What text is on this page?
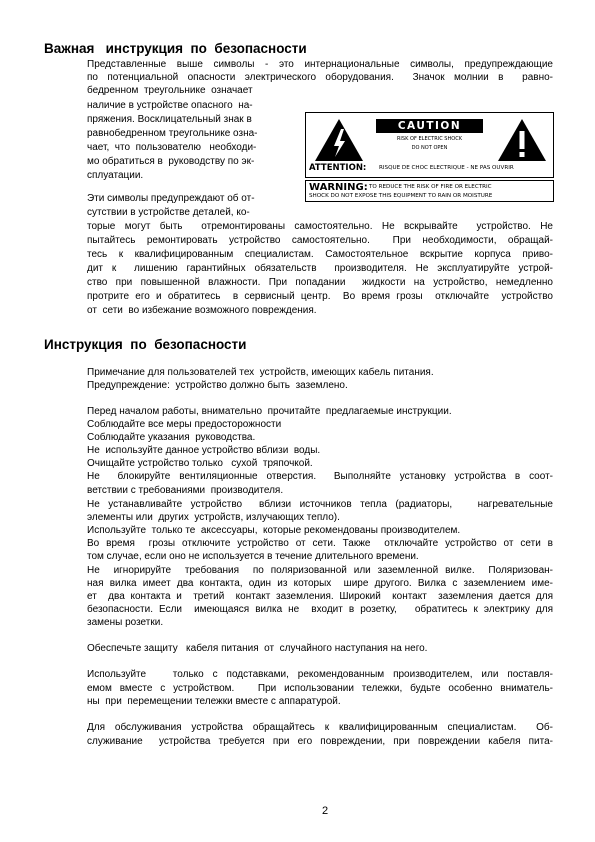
Важная   инструкция  по  безопасности
Представленные выше символы - это интернациональные символы, предупреждающие
по потенциальной опасности электрического оборудования.  Значок молнии в  равно-
бедренном  треугольнике  означает
наличие в устройстве опасного  на-
пряжения. Восклицательный знак в
равнобедренном треугольнике озна-
чает,  что  пользователю   необходи-
мо обратиться в  руководству по эк-
сплуатации.
Эти символы предупреждают об от-
сутствии в устройстве деталей, ко-
торые могут быть  отремонтированы самостоятельно. Не вскрывайте  устройство. Не
пытайтесь ремонтировать устройство самостоятельно.  При необходимости, обращай-
тесь к квалифицированным специалистам. Самостоятельное вскрытие корпуса приво-
дит к  лишению гарантийных обязательств  производителя. Не эксплуатируйте устрой-
ство при повышенной влажности. При попадании  жидкости на устройство, немедленно
протрите его и обратитесь  в сервисный центр.  Во время грозы  отключайте  устройство
от  сети  во избежание возможного повреждения.
CAUTION
RISK OF ELECTRIC SHOCK
DO NOT OPEN
ATTENTION: RISQUE DE CHOC ELECTRIQUE - NE PAS OUVRIR
WARNING: TO REDUCE THE RISK OF FIRE OR ELECTRIC
SHOCK DO NOT EXPOSE THIS EQUIPMENT TO RAIN OR MOISTURE
Инструкция  по  безопасности
Примечание для пользователей тех  устройств, имеющих кабель питания.
Предупреждение:  устройство должно быть  заземлено.
Перед началом работы, внимательно  прочитайте  предлагаемые инструкции.
Соблюдайте все меры предосторожности
Соблюдайте указания  руководства.
Не  используйте данное устройство вблизи  воды.
Очищайте устройство только   сухой  тряпочкой.
Не  блокируйте вентиляционные отверстия.  Выполняйте установку устройства в соот-
ветствии с требованиями  производителя.
Не устанавливайте устройство  вблизи источников тепла (радиаторы,   нагревательные
элементы или  других  устройств, излучающих тепло).
Используйте  только те  аксессуары,  которые рекомендованы производителем.
Во время  грозы отключите устройство от сети. Также  отключайте устройство от сети в
том случае, если оно не используется в течение длительного времени.
Не  игнорируйте  требования  по поляризованной или заземленной вилке.  Поляризован-
ная вилка имеет два контакта, один из которых  шире другого. Вилка с заземлением име-
ет  два контакта и  третий  контакт заземления. Широкий  контакт  заземления дается для
безопасности. Если  имеющаяся вилка не  входит в розетку,   обратитесь к электрику для
замены розетки.
Обеспечьте защиту   кабеля питания  от  случайного наступания на него.
Используйте   только с подставками, рекомендованным производителем, или поставля-
емом вместе с устройством.   При использовании тележки, будьте особенно вниматель-
ны  при  перемещении тележки вместе с аппаратурой.
Для обслуживания устройства обращайтесь к квалифицированным специалистам.  Об-
служивание  устройства требуется при его повреждении, при повреждении кабеля пита-
2
